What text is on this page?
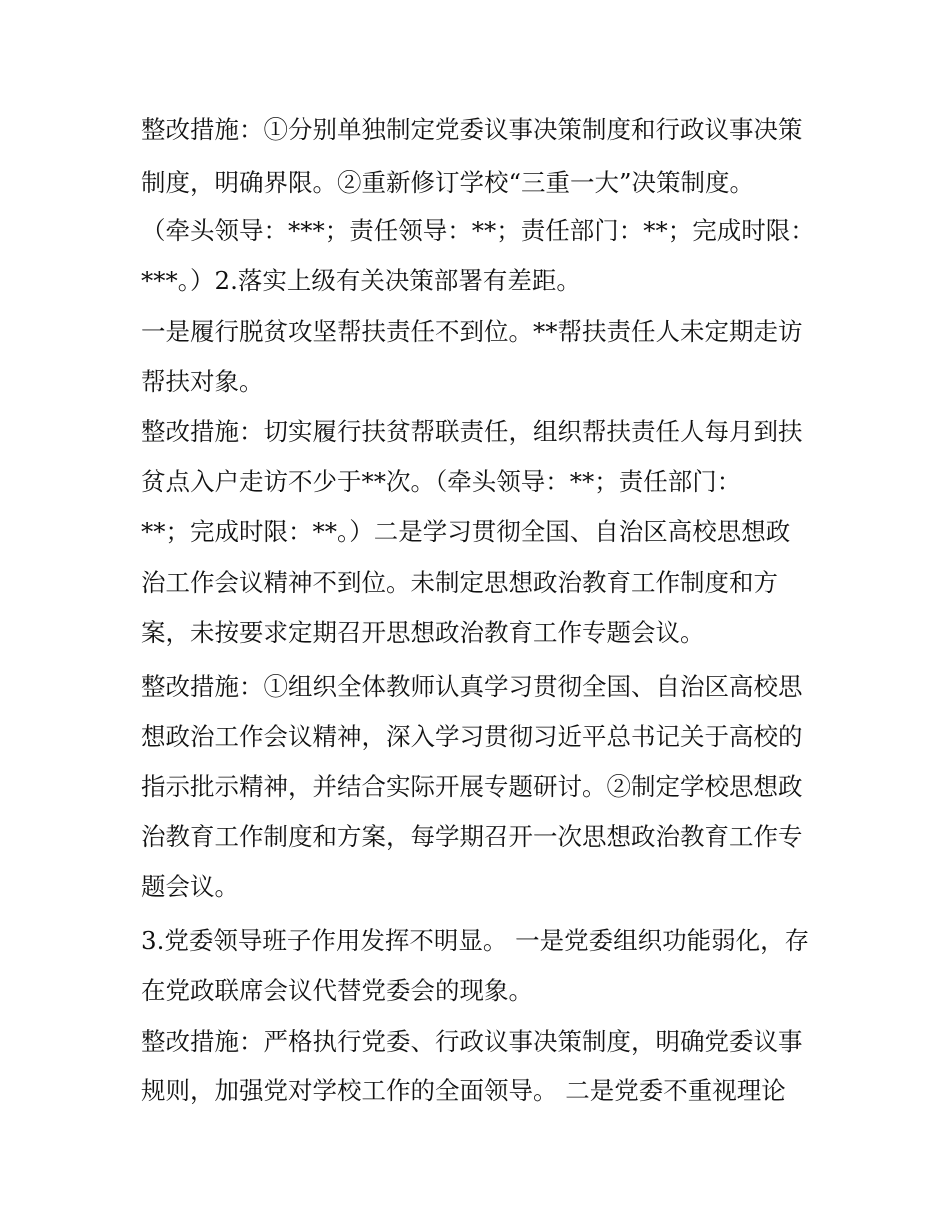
整改措施：①分别单独制定党委议事决策制度和行政议事决策
制度，明确界限。②重新修订学校“三重一大”决策制度。
（牵头领导：***；责任领导：**；责任部门：**；完成时限：
***。）2.落实上级有关决策部署有差距。
一是履行脱贫攻坚帮扶责任不到位。**帮扶责任人未定期走访
帮扶对象。
整改措施：切实履行扶贫帮联责任，组织帮扶责任人每月到扶
贫点入户走访不少于**次。（牵头领导：**；责任部门：
**；完成时限：**。）二是学习贯彻全国、自治区高校思想政
治工作会议精神不到位。未制定思想政治教育工作制度和方
案，未按要求定期召开思想政治教育工作专题会议。
整改措施：①组织全体教师认真学习贯彻全国、自治区高校思
想政治工作会议精神，深入学习贯彻习近平总书记关于高校的
指示批示精神，并结合实际开展专题研讨。②制定学校思想政
治教育工作制度和方案，每学期召开一次思想政治教育工作专
题会议。
3.党委领导班子作用发挥不明显。 一是党委组织功能弱化，存
在党政联席会议代替党委会的现象。
整改措施：严格执行党委、行政议事决策制度，明确党委议事
规则，加强党对学校工作的全面领导。 二是党委不重视理论
